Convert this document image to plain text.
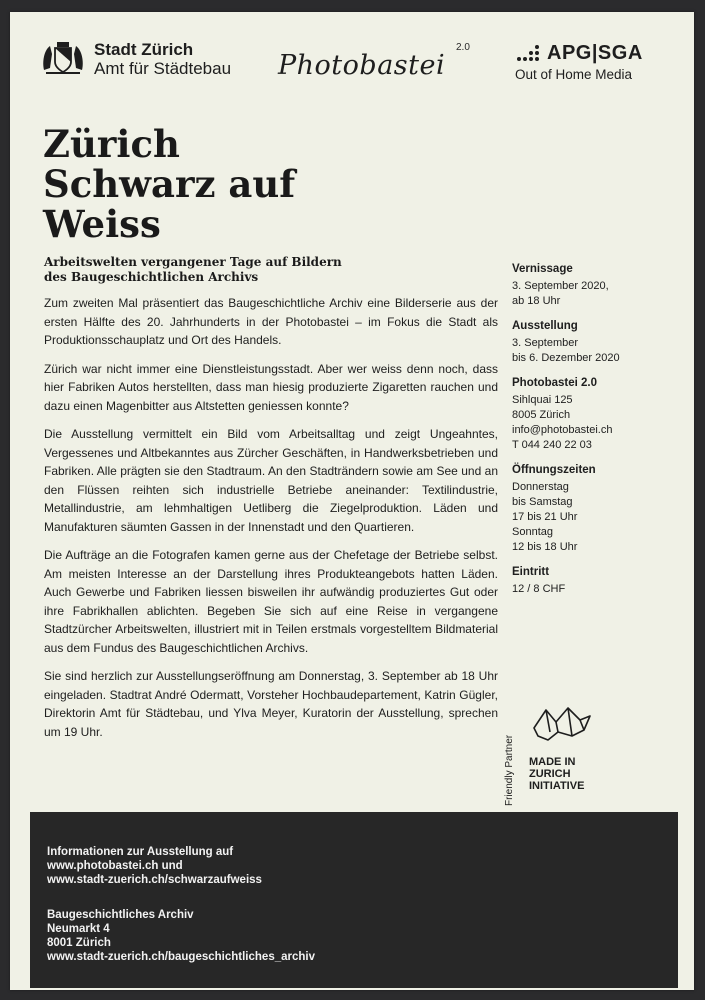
Stadt Zürich
Amt für Städtebau Photobastei
2.0	APG|SGA
Out of Home Media
Zürich
Schwarz auf
Weiss
Arbeitswelten vergangener Tage auf Bildern
des Baugeschichtlichen Archivs

Zum zweiten Mal präsentiert das Baugeschichtliche Archiv eine Bilderserie aus der ersten Hälfte des 20. Jahrhunderts in der Photobastei – im Fokus die Stadt als Produktionsschauplatz und Ort des Handels.

Zürich war nicht immer eine Dienstleistungsstadt. Aber wer weiss denn noch, dass hier Fabriken Autos herstellten, dass man hiesig produzierte Zigaretten rauchen und dazu einen Magenbitter aus Altstetten geniessen konnte?

Die Ausstellung vermittelt ein Bild vom Arbeitsalltag und zeigt Ungeahntes, Vergessenes und Altbekanntes aus Zürcher Geschäften, in Handwerksbetrieben und Fabriken. Alle prägten sie den Stadtraum. An den Stadträndern sowie am See und an den Flüssen reihten sich industrielle Betriebe aneinander: Textilindustrie, Metallindustrie, am lehmhaltigen Uetliberg die Ziegelproduktion. Läden und Manufakturen säumten Gassen in der Innenstadt und den Quartieren.

Die Aufträge an die Fotografen kamen gerne aus der Chefetage der Betriebe selbst. Am meisten Interesse an der Darstellung ihres Produkteangebots hatten Läden. Auch Gewerbe und Fabriken liessen bisweilen ihr aufwändig produziertes Gut oder ihre Fabrikhallen ablichten. Begeben Sie sich auf eine Reise in vergangene Stadtzürcher Arbeitswelten, illustriert mit in Teilen erstmals vorgestelltem Bildmaterial aus dem Fundus des Baugeschichtlichen Archivs.

Sie sind herzlich zur Ausstellungseröffnung am Donnerstag, 3. September ab 18 Uhr eingeladen. Stadtrat André Odermatt, Vorsteher Hochbaudepartement, Katrin Gügler, Direktorin Amt für Städtebau, und Ylva Meyer, Kuratorin der Ausstellung, sprechen um 19 Uhr.

Vernissage
3. September 2020,
ab 18 Uhr
Ausstellung
3. September
bis 6. Dezember 2020
Photobastei 2.0
Sihlquai 125
8005 Zürich
info@photobastei.ch
T 044 240 22 03
Öffnungszeiten
Donnerstag
bis Samstag
17 bis 21 Uhr
Sonntag
12 bis 18 Uhr
Eintritt
12 / 8 CHF
Friendly Partner MADE IN
ZURICH
INITIATIVE
Informationen zur Ausstellung auf
www.photobastei.ch und
www.stadt-zuerich.ch/schwarzaufweiss
Baugeschichtliches Archiv
Neumarkt 4
8001 Zürich
www.stadt-zuerich.ch/baugeschichtliches_archiv
